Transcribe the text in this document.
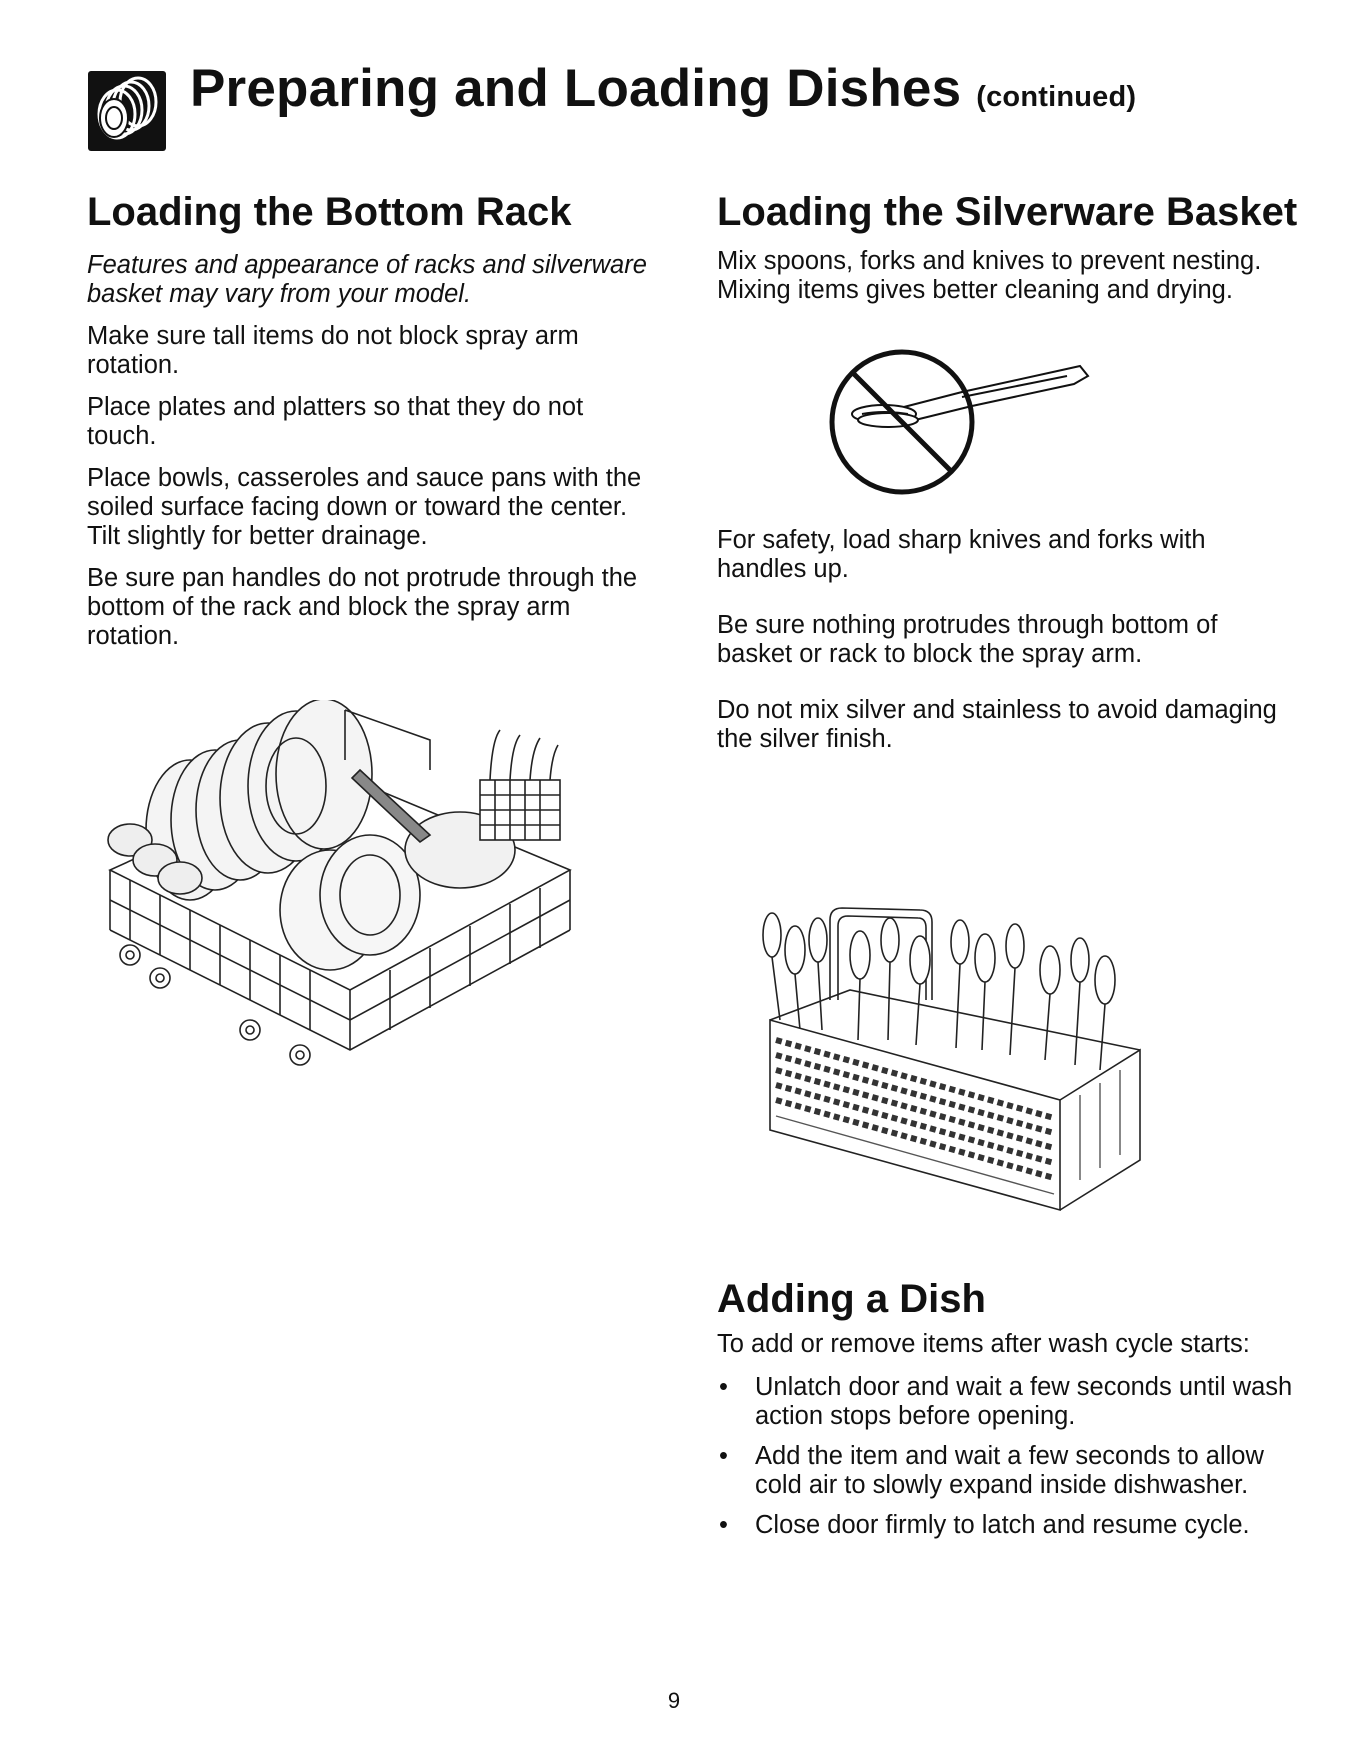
Preparing and Loading Dishes (continued)
Loading the Bottom Rack

Features and appearance of racks and silverware basket may vary from your model.

Make sure tall items do not block spray arm rotation.

Place plates and platters so that they do not touch.

Place bowls, casseroles and sauce pans with the soiled surface facing down or toward the center. Tilt slightly for better drainage.

Be sure pan handles do not protrude through the bottom of the rack and block the spray arm rotation.

Loading the Silverware Basket

Mix spoons, forks and knives to prevent nesting. Mixing items gives better cleaning and drying.

For safety, load sharp knives and forks with handles up.

Be sure nothing protrudes through bottom of basket or rack to block the spray arm.

Do not mix silver and stainless to avoid damaging the silver finish.

Adding a Dish

To add or remove items after wash cycle starts:

• Unlatch door and wait a few seconds until wash action stops before opening.
• Add the item and wait a few seconds to allow cold air to slowly expand inside dishwasher.
• Close door firmly to latch and resume cycle.
9
